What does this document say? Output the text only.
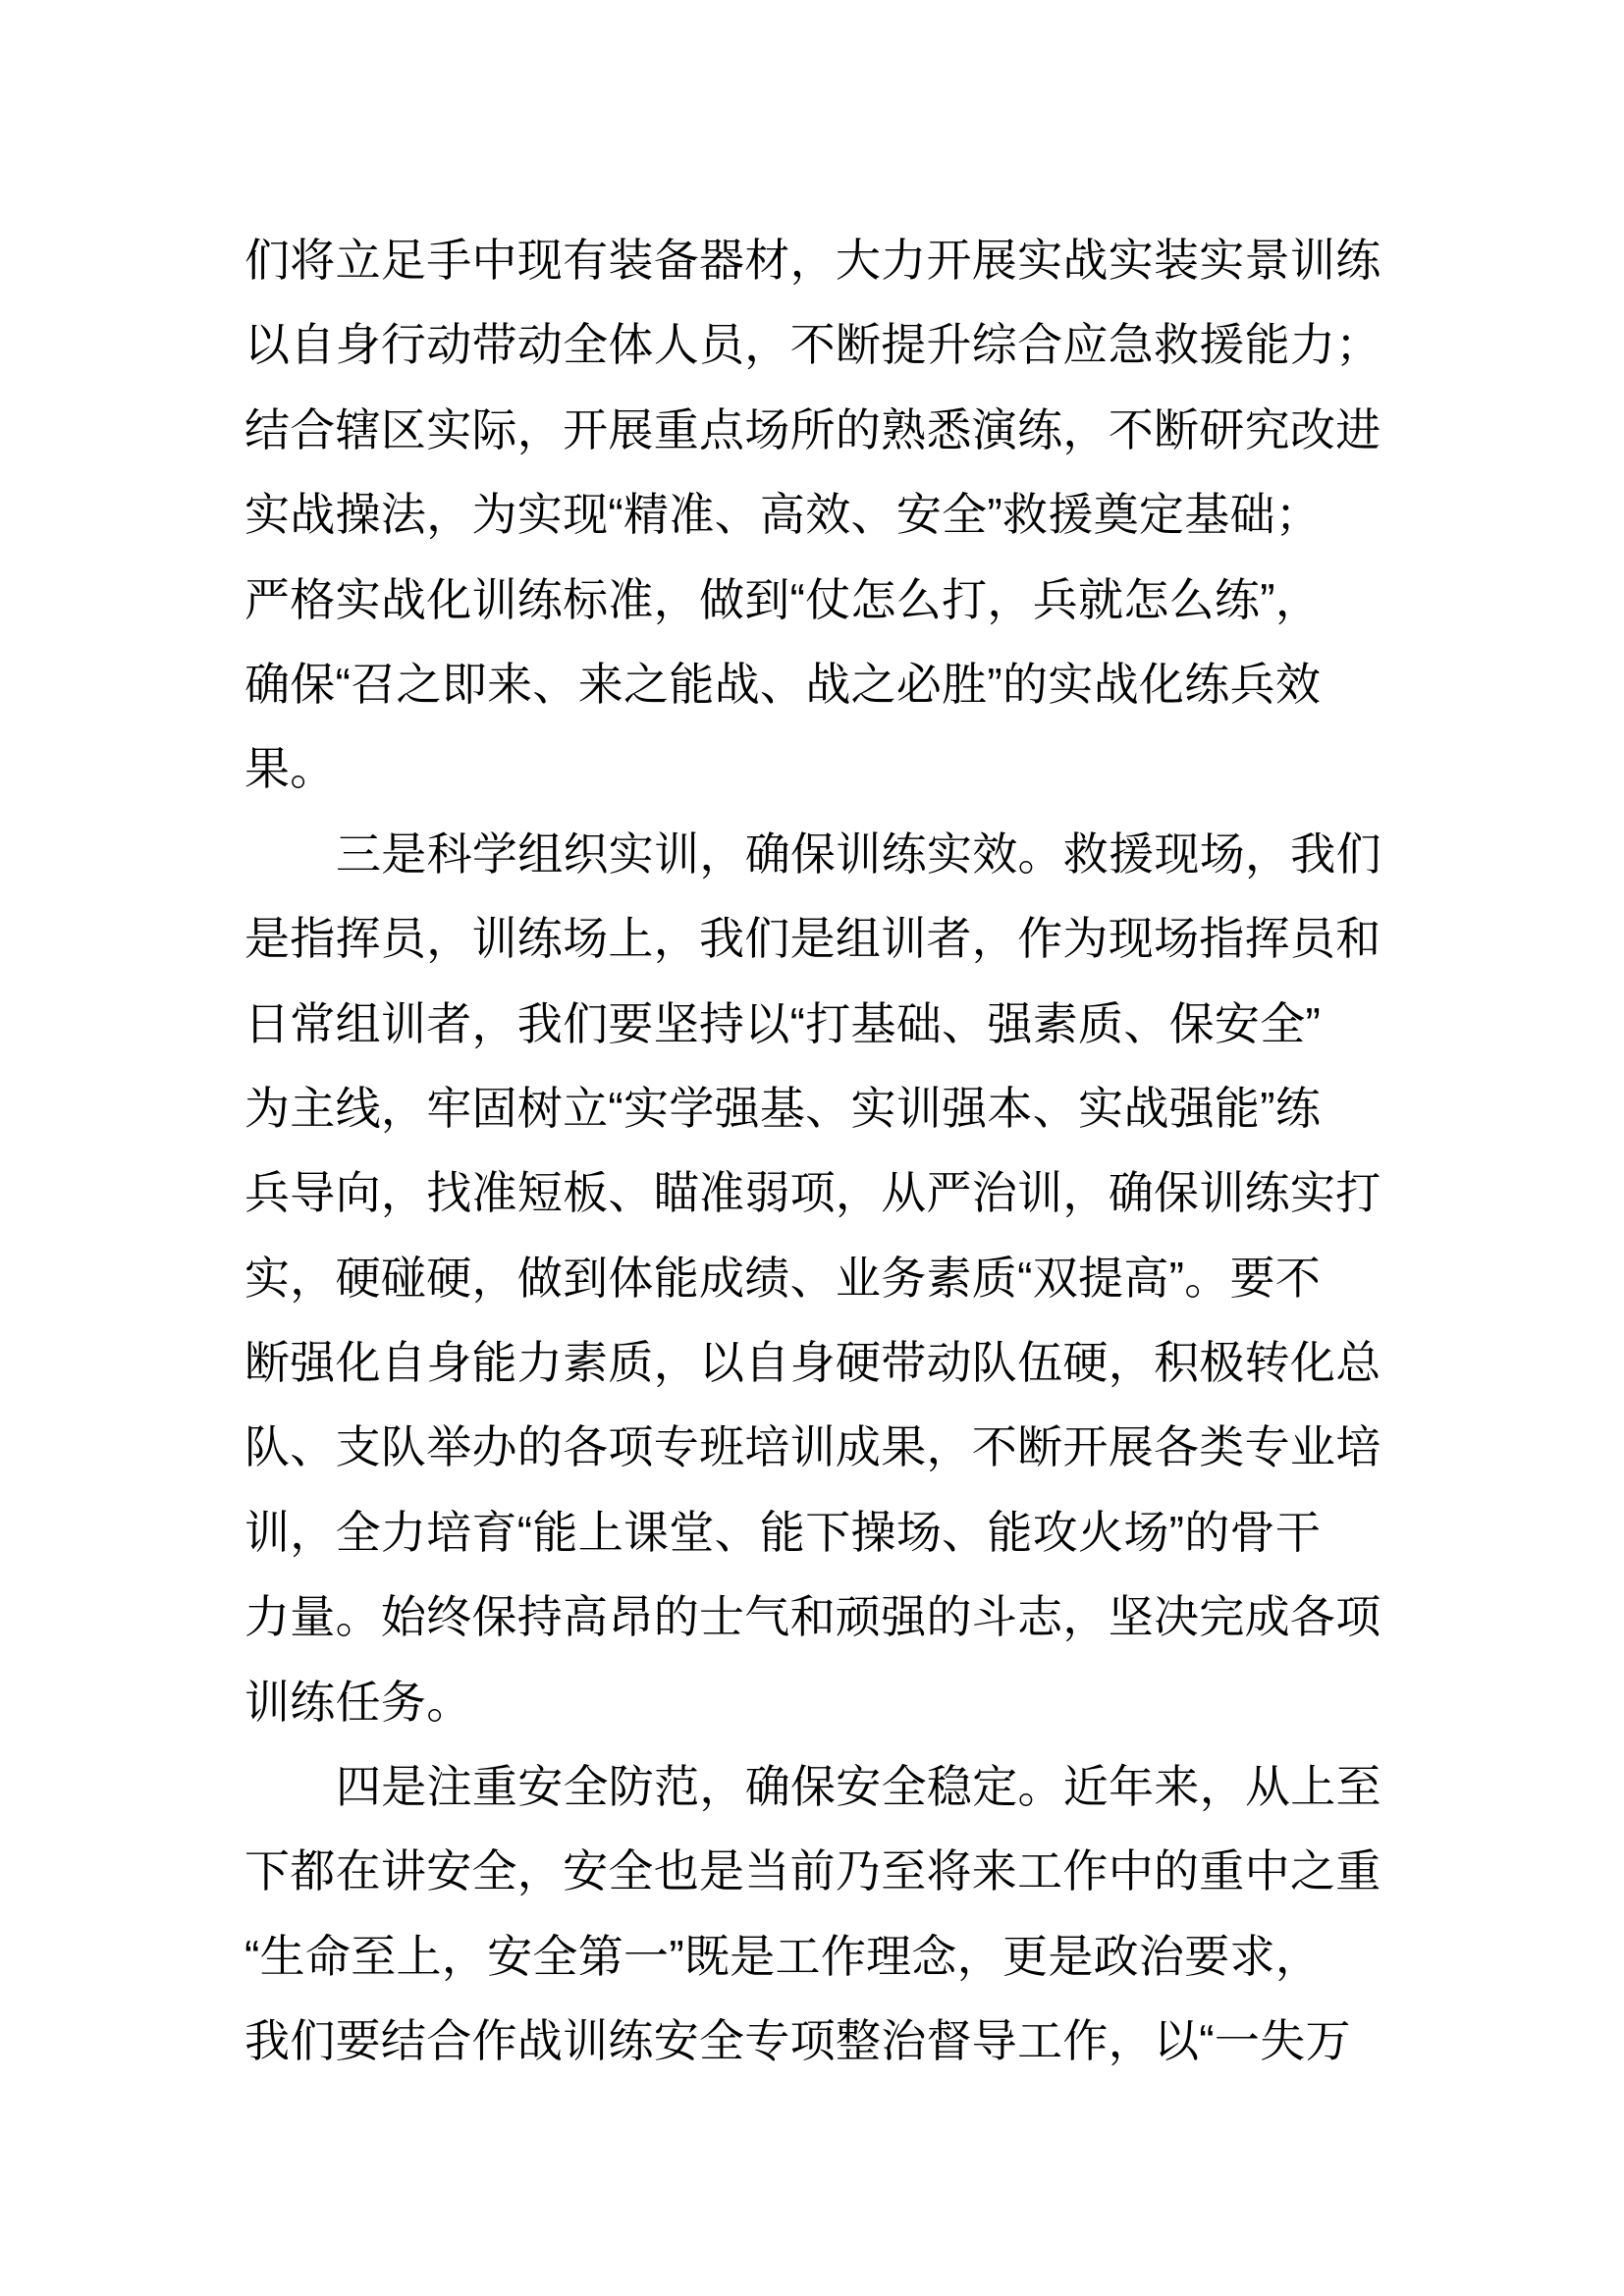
们将立足手中现有装备器材，大力开展实战实装实景训练
以自身行动带动全体人员，不断提升综合应急救援能力；
结合辖区实际，开展重点场所的熟悉演练，不断研究改进
实战操法，为实现“精准、高效、安全”救援奠定基础；
严格实战化训练标准，做到“仗怎么打，兵就怎么练”，
确保“召之即来、来之能战、战之必胜”的实战化练兵效
果。
三是科学组织实训，确保训练实效。救援现场，我们
是指挥员，训练场上，我们是组训者，作为现场指挥员和
日常组训者，我们要坚持以“打基础、强素质、保安全”
为主线，牢固树立“实学强基、实训强本、实战强能”练
兵导向，找准短板、瞄准弱项，从严治训，确保训练实打
实，硬碰硬，做到体能成绩、业务素质“双提高”。要不
断强化自身能力素质，以自身硬带动队伍硬，积极转化总
队、支队举办的各项专班培训成果，不断开展各类专业培
训，全力培育“能上课堂、能下操场、能攻火场”的骨干
力量。始终保持高昂的士气和顽强的斗志，坚决完成各项
训练任务。
四是注重安全防范，确保安全稳定。近年来，从上至
下都在讲安全，安全也是当前乃至将来工作中的重中之重
“生命至上，安全第一”既是工作理念，更是政治要求，
我们要结合作战训练安全专项整治督导工作，以“一失万
